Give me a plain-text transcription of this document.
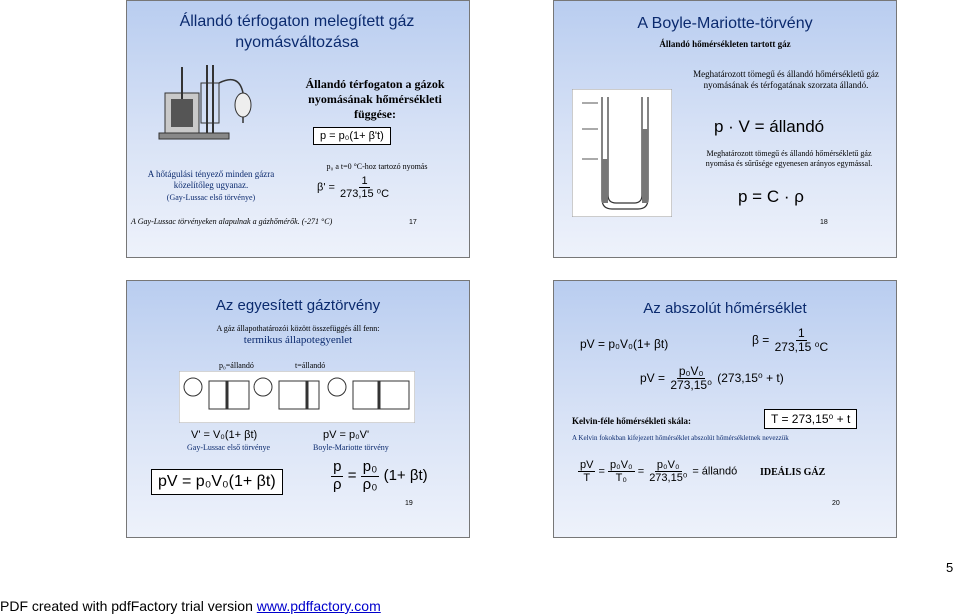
Állandó térfogaton melegített gáz nyomásváltozása
Állandó térfogaton a gázok nyomásának hőmérsékleti függése:
p = p₀(1+ β't)
p₀ a t=0 °C-hoz tartozó nyomás
$\beta' = \frac{1}{\text{273,15 ⁰C}}$
A hőtágulási tényező minden gázra közelítőleg ugyanaz.
(Gay-Lussac első törvénye)
A Gay-Lussac törvényeken alapulnak a gázhőmérők. (-271 °C)	17
A Boyle-Mariotte-törvény
Állandó hőmérsékleten tartott gáz
Meghatározott tömegű és állandó hőmérsékletű gáz nyomásának és térfogatának szorzata állandó.
p · V = állandó
Meghatározott tömegű és állandó hőmérsékletű gáz nyomása és sűrűsége egyenesen arányos egymással.
p = C · ρ
18
Az egyesített gáztörvény
A gáz állapothatározói között összefüggés áll fenn:
termikus állapotegyenlet
p₀=állandó	t=állandó
V' = V₀(1+ βt)
Gay-Lussac első törvénye
pV = p₀V'
Boyle-Mariotte törvény
pV = p₀V₀(1+ βt)	$\frac{p}{\rho} = \frac{\text{p₀}}{\text{ρ₀}} (1+ \beta t)$
19
Az abszolút hőmérséklet
pV = p₀V₀(1+ βt)	$\beta = \frac{1}{\text{273,15 ⁰C}}$
pV = $\frac{\text{p₀V₀}}{\text{273,15⁰}} (273,15^0 + t)$
Kelvin-féle hőmérsékleti skála:	T = 273,15⁰ + t
A Kelvin fokokban kifejezett hőmérséklet abszolút hőmérsékletnek nevezzük
$\frac{pV}{T} = \frac{\text{p₀V₀}}{\text{T₀}} = \frac{\text{p₀V₀}}{\text{273,15⁰}}$ = állandó IDEÁLIS GÁZ
20
5
PDF created with pdfFactory trial version www.pdffactory.com
